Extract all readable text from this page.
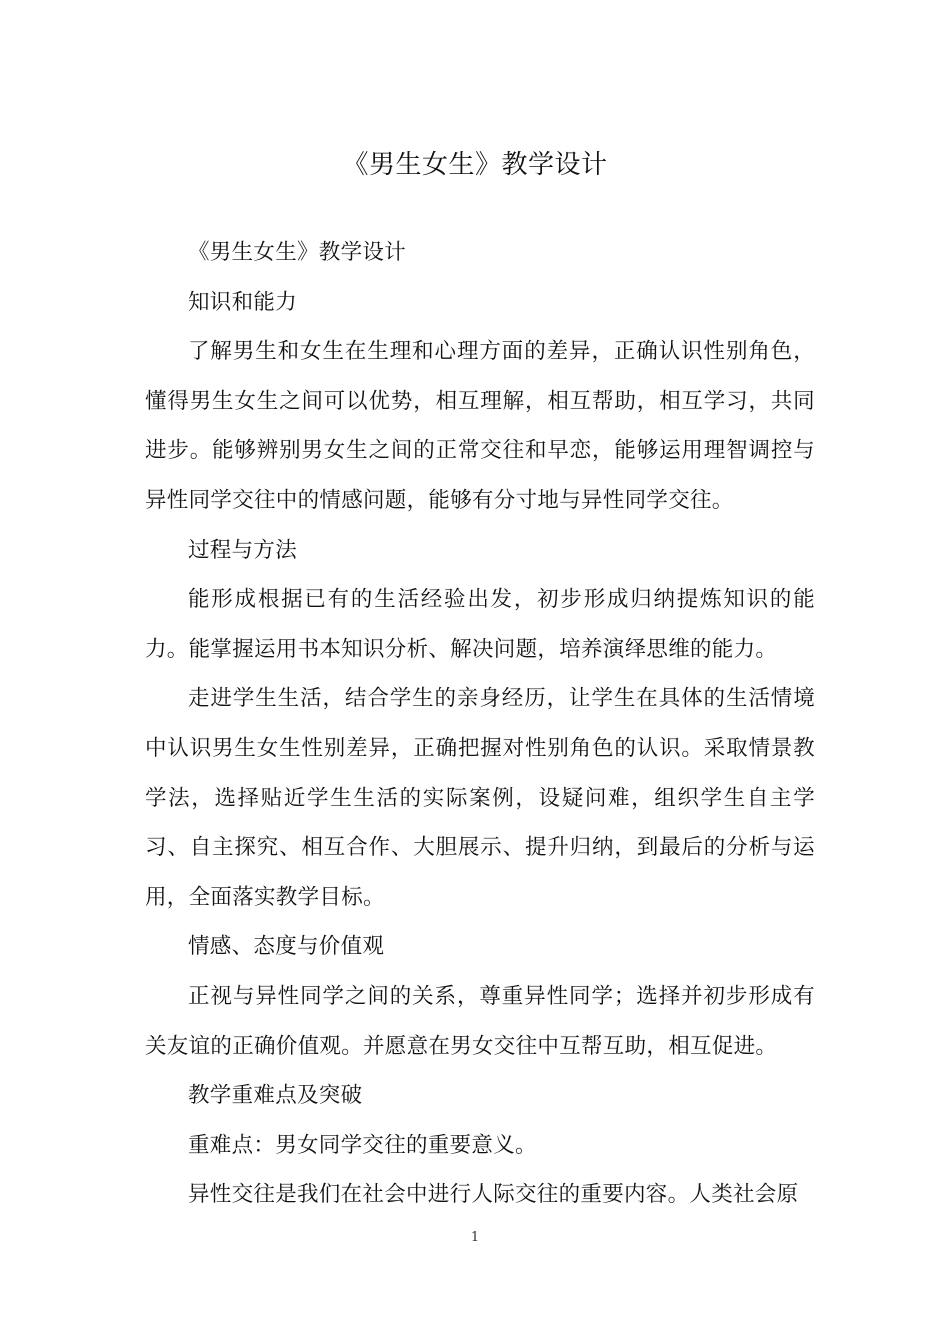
《男生女生》教学设计

《男生女生》教学设计

知识和能力

了解男生和女生在生理和心理方面的差异，正确认识性别角色，懂得男生女生之间可以优势，相互理解，相互帮助，相互学习，共同进步。能够辨别男女生之间的正常交往和早恋，能够运用理智调控与异性同学交往中的情感问题，能够有分寸地与异性同学交往。

过程与方法

能形成根据已有的生活经验出发，初步形成归纳提炼知识的能力。能掌握运用书本知识分析、解决问题，培养演绎思维的能力。

走进学生生活，结合学生的亲身经历，让学生在具体的生活情境中认识男生女生性别差异，正确把握对性别角色的认识。采取情景教学法，选择贴近学生生活的实际案例，设疑问难，组织学生自主学习、自主探究、相互合作、大胆展示、提升归纳，到最后的分析与运用，全面落实教学目标。

情感、态度与价值观

正视与异性同学之间的关系，尊重异性同学；选择并初步形成有关友谊的正确价值观。并愿意在男女交往中互帮互助，相互促进。

教学重难点及突破

重难点：男女同学交往的重要意义。

异性交往是我们在社会中进行人际交往的重要内容。人类社会原

1
